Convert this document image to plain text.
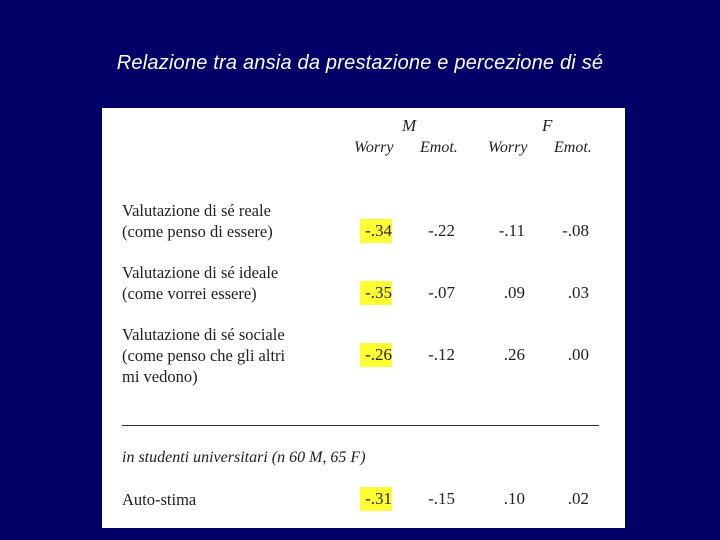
Relazione tra ansia da prestazione e percezione di sé
M	F
Worry Emot. Worry Emot.
Valutazione di sé reale
(come penso di essere)	-.34	-.22	-.11	-.08
Valutazione di sé ideale
(come vorrei essere)	-.35	-.07	.09	.03
Valutazione di sé sociale
(come penso che gli altri
mi vedono)
-.26	-.12	.26	.00
in studenti universitari (n 60 M, 65 F)
Auto-stima	-.31	-.15	.10	.02
